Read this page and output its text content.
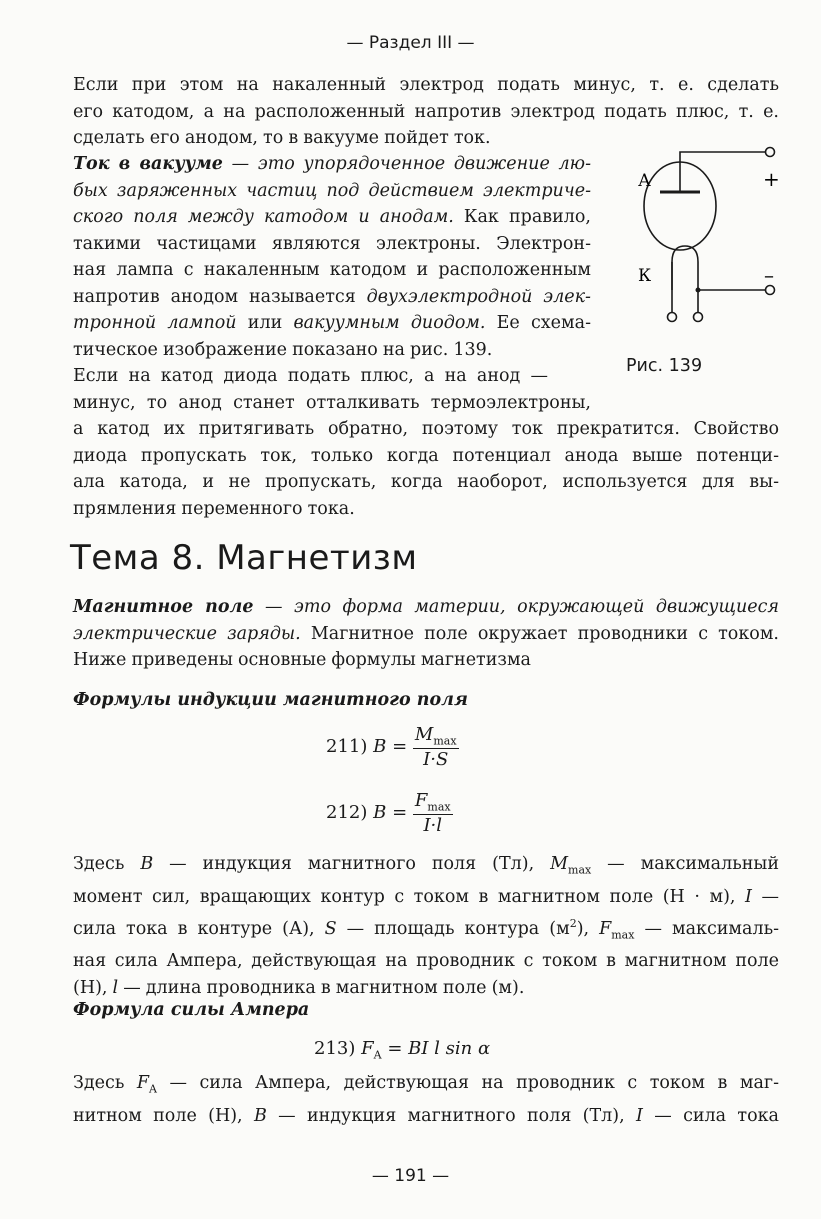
— Раздел III —
Если при этом на накаленный электрод подать минус, т. е. сделать
его катодом, а на расположенный напротив электрод подать плюс, т. е.
сделать его анодом, то в вакууме пойдет ток.
Ток в вакууме — это упорядоченное движение лю-
бых заряженных частиц под действием электриче-
ского поля между катодом и анодам. Как правило,
такими частицами являются электроны. Электрон-
ная лампа с накаленным катодом и расположенным
напротив анодом называется двухэлектродной элек-
тронной лампой или вакуумным диодом. Ее схема-
тическое изображение показано на рис. 139.
А
К
+
–
Рис. 139
Если на катод диода подать плюс, а на анод —
минус, то анод станет отталкивать термоэлектроны,
а катод их притягивать обратно, поэтому ток прекратится. Свойство
диода пропускать ток, только когда потенциал анода выше потенци-
ала катода, и не пропускать, когда наоборот, используется для вы-
прямления переменного тока.
Тема 8. Магнетизм
Магнитное поле — это форма материи, окружающей движущиеся
электрические заряды. Магнитное поле окружает проводники с током.
Ниже приведены основные формулы магнетизма
Формулы индукции магнитного поля
211) $B = \frac{M_{max}}{I\cdot S}$
212) $B = \frac{F_{max}}{I\cdot l}$
Здесь B — индукция магнитного поля (Тл), $M_{max}$ — максимальный
момент сил, вращающих контур с током в магнитном поле (Н · м), I —
сила тока в контуре (А), S — площадь контура $(м^2)$, $F_{max}$ — максималь-
ная сила Ампера, действующая на проводник с током в магнитном поле
(Н), l — длина проводника в магнитном поле (м).
Формула силы Ампера
213) $F_A$ = BI l sin α
Здесь $F_A$ — сила Ампера, действующая на проводник с током в маг-
нитном поле (Н), B — индукция магнитного поля (Тл), I — сила тока
— 191 —
